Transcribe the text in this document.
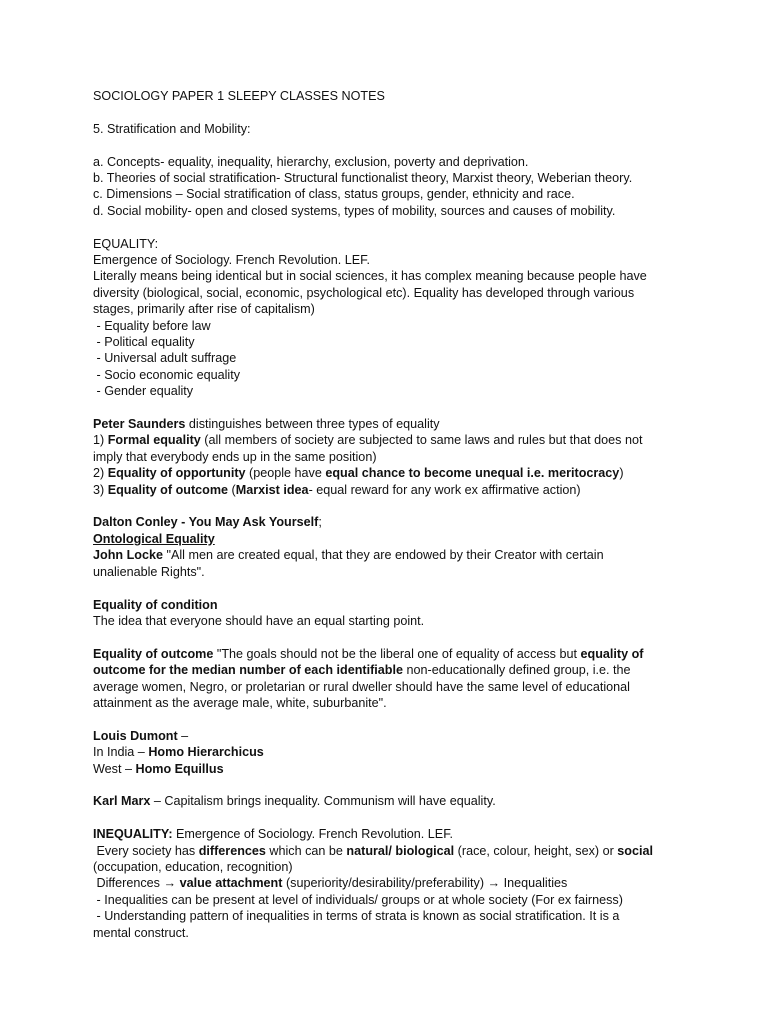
SOCIOLOGY PAPER 1 SLEEPY CLASSES NOTES
5. Stratification and Mobility:
a. Concepts- equality, inequality, hierarchy, exclusion, poverty and deprivation.
b. Theories of social stratification- Structural functionalist theory, Marxist theory, Weberian theory.
c. Dimensions – Social stratification of class, status groups, gender, ethnicity and race.
d. Social mobility- open and closed systems, types of mobility, sources and causes of mobility.
EQUALITY:
Emergence of Sociology. French Revolution. LEF.
Literally means being identical but in social sciences, it has complex meaning because people have
diversity (biological, social, economic, psychological etc). Equality has developed through various
stages, primarily after rise of capitalism)
- Equality before law
- Political equality
- Universal adult suffrage
- Socio economic equality
- Gender equality
Peter Saunders distinguishes between three types of equality
1) Formal equality (all members of society are subjected to same laws and rules but that does not
imply that everybody ends up in the same position)
2) Equality of opportunity (people have equal chance to become unequal i.e. meritocracy)
3) Equality of outcome (Marxist idea- equal reward for any work ex affirmative action)
Dalton Conley - You May Ask Yourself;
Ontological Equality
John Locke "All men are created equal, that they are endowed by their Creator with certain
unalienable Rights".
Equality of condition
The idea that everyone should have an equal starting point.
Equality of outcome "The goals should not be the liberal one of equality of access but equality of
outcome for the median number of each identifiable non-educationally defined group, i.e. the
average women, Negro, or proletarian or rural dweller should have the same level of educational
attainment as the average male, white, suburbanite".
Louis Dumont –
In India – Homo Hierarchicus
West – Homo Equillus
Karl Marx – Capitalism brings inequality. Communism will have equality.
INEQUALITY: Emergence of Sociology. French Revolution. LEF.
Every society has differences which can be natural/ biological (race, colour, height, sex) or social
(occupation, education, recognition)
Differences → value attachment (superiority/desirability/preferability) → Inequalities
- Inequalities can be present at level of individuals/ groups or at whole society (For ex fairness)
- Understanding pattern of inequalities in terms of strata is known as social stratification. It is a
mental construct.
